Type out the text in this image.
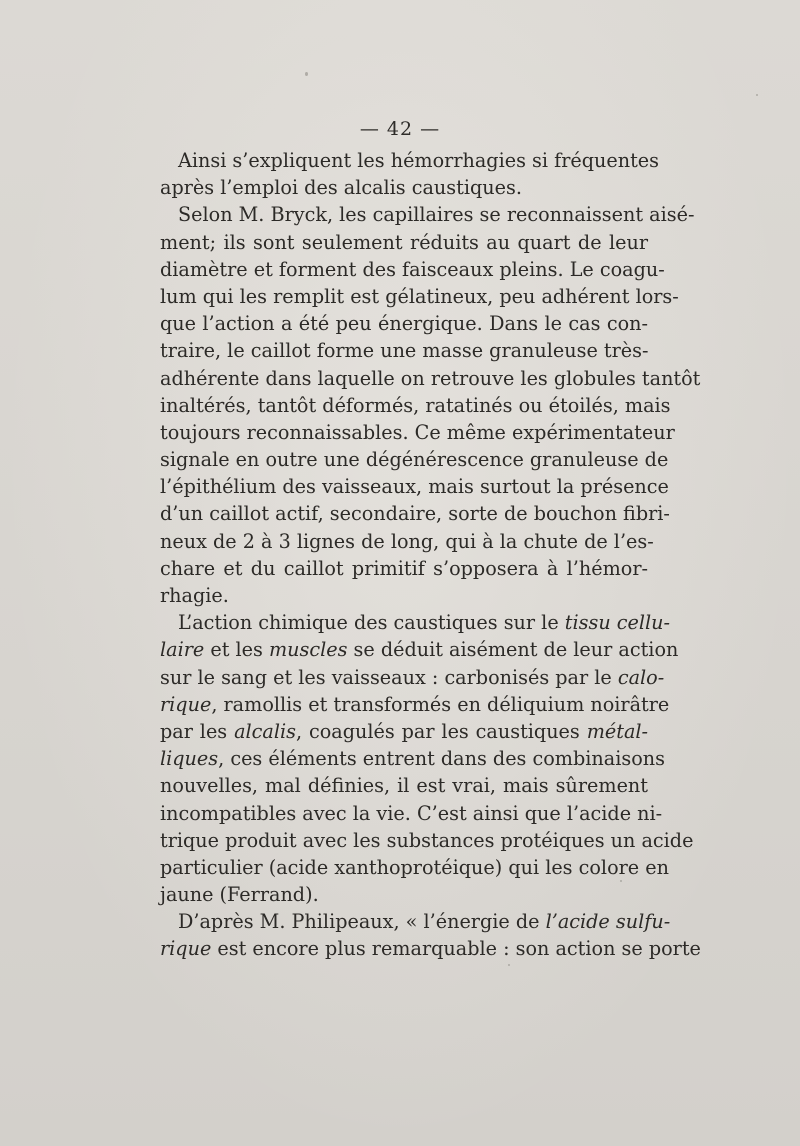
— 42 —
Ainsi s’expliquent les hémorrhagies si fréquentes
après l’emploi des alcalis caustiques.
Selon M. Bryck, les capillaires se reconnaissent aisé-
ment; ils sont seulement réduits au quart de leur
diamètre et forment des faisceaux pleins. Le coagu-
lum qui les remplit est gélatineux, peu adhérent lors-
que l’action a été peu énergique. Dans le cas con-
traire, le caillot forme une masse granuleuse très-
adhérente dans laquelle on retrouve les globules tantôt
inaltérés, tantôt déformés, ratatinés ou étoilés, mais
toujours reconnaissables. Ce même expérimentateur
signale en outre une dégénérescence granuleuse de
l’épithélium des vaisseaux, mais surtout la présence
d’un caillot actif, secondaire, sorte de bouchon fibri-
neux de 2 à 3 lignes de long, qui à la chute de l’es-
chare et du caillot primitif s’opposera à l’hémor-
rhagie.
L’action chimique des caustiques sur le tissu cellu-
laire et les muscles se déduit aisément de leur action
sur le sang et les vaisseaux : carbonisés par le calo-
rique, ramollis et transformés en déliquium noirâtre
par les alcalis, coagulés par les caustiques métal-
liques, ces éléments entrent dans des combinaisons
nouvelles, mal définies, il est vrai, mais sûrement
incompatibles avec la vie. C’est ainsi que l’acide ni-
trique produit avec les substances protéiques un acide
particulier (acide xanthoprotéique) qui les colore en
jaune (Ferrand).
D’après M. Philipeaux, « l’énergie de l’acide sulfu-
rique est encore plus remarquable : son action se porte
